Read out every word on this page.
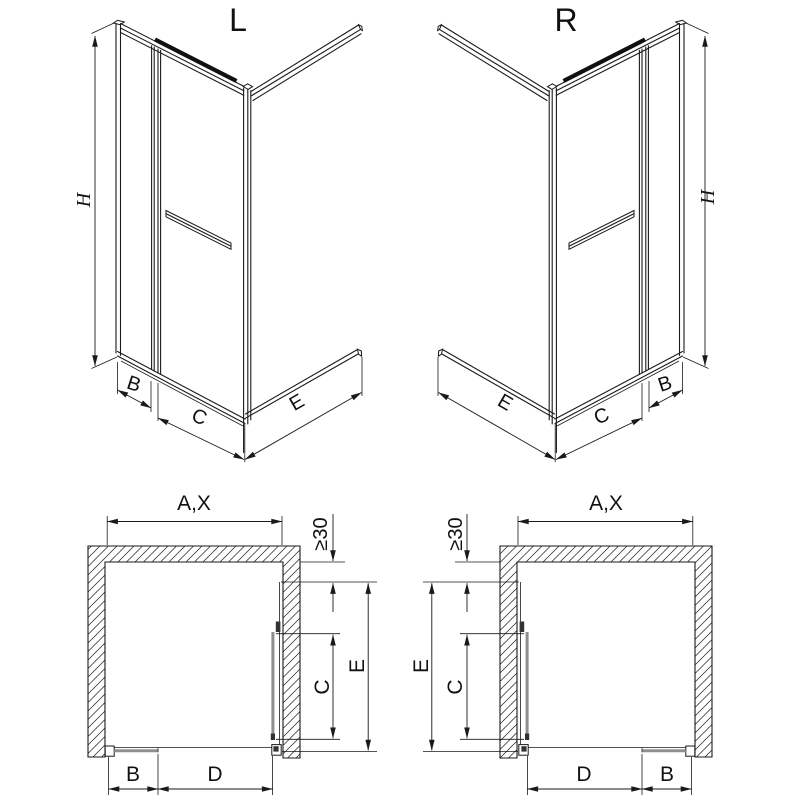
L
H
B
C
E
R
H
E
C
B
A,X
≥30
C
E
B	D
A,X
≥30
C
E
D	B
